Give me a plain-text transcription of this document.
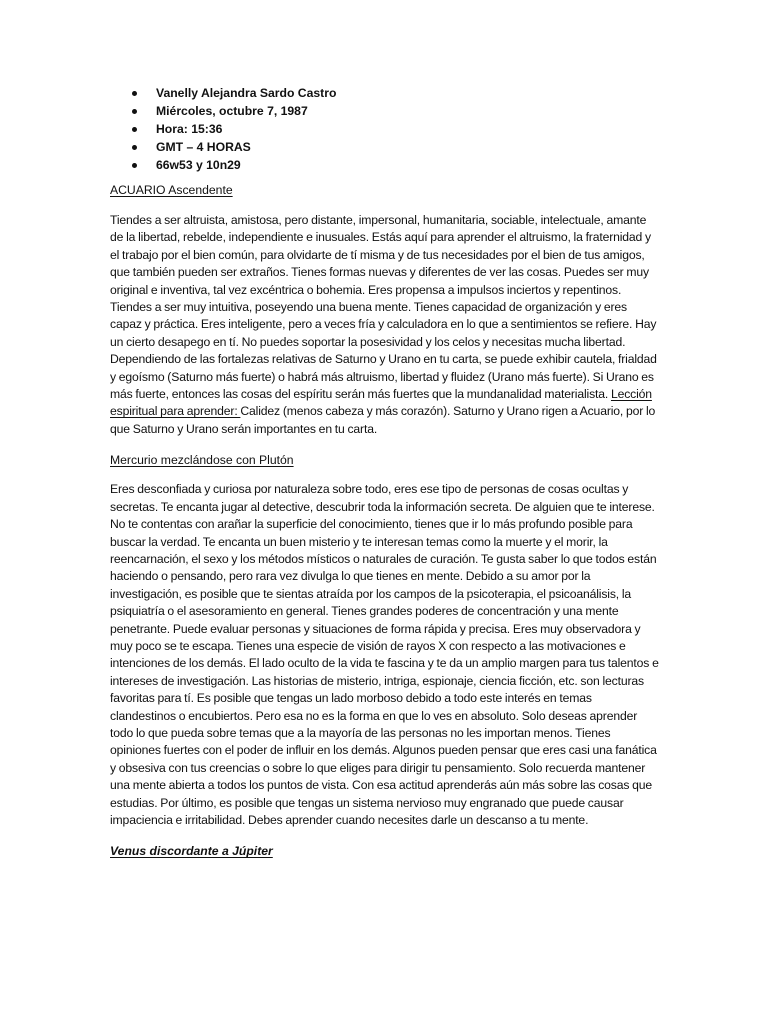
Vanelly Alejandra Sardo Castro
Miércoles, octubre 7, 1987
Hora: 15:36
GMT – 4 HORAS
66w53 y 10n29

ACUARIO Ascendente

Tiendes a ser altruista, amistosa, pero distante, impersonal, humanitaria, sociable, intelectuale, amante de la libertad, rebelde, independiente e inusuales. Estás aquí para aprender el altruismo, la fraternidad y el trabajo por el bien común, para olvidarte de tí misma y de tus necesidades por el bien de tus amigos, que también pueden ser extraños. Tienes formas nuevas y diferentes de ver las cosas. Puedes ser muy original e inventiva, tal vez excéntrica o bohemia. Eres propensa a impulsos inciertos y repentinos. Tiendes a ser muy intuitiva, poseyendo una buena mente. Tienes capacidad de organización y eres capaz y práctica. Eres inteligente, pero a veces fría y calculadora en lo que a sentimientos se refiere. Hay un cierto desapego en tí. No puedes soportar la posesividad y los celos y necesitas mucha libertad. Dependiendo de las fortalezas relativas de Saturno y Urano en tu carta, se puede exhibir cautela, frialdad y egoísmo (Saturno más fuerte) o habrá más altruismo, libertad y fluidez (Urano más fuerte). Si Urano es más fuerte, entonces las cosas del espíritu serán más fuertes que la mundanalidad materialista. Lección espiritual para aprender: Calidez (menos cabeza y más corazón). Saturno y Urano rigen a Acuario, por lo que Saturno y Urano serán importantes en tu carta.

Mercurio mezclándose con Plutón

Eres desconfiada y curiosa por naturaleza sobre todo, eres ese tipo de personas de cosas ocultas y secretas. Te encanta jugar al detective, descubrir toda la información secreta. De alguien que te interese. No te contentas con arañar la superficie del conocimiento, tienes que ir lo más profundo posible para buscar la verdad. Te encanta un buen misterio y te interesan temas como la muerte y el morir, la reencarnación, el sexo y los métodos místicos o naturales de curación. Te gusta saber lo que todos están haciendo o pensando, pero rara vez divulga lo que tienes en mente. Debido a su amor por la investigación, es posible que te sientas atraída por los campos de la psicoterapia, el psicoanálisis, la psiquiatría o el asesoramiento en general. Tienes grandes poderes de concentración y una mente penetrante. Puede evaluar personas y situaciones de forma rápida y precisa. Eres muy observadora y muy poco se te escapa. Tienes una especie de visión de rayos X con respecto a las motivaciones e intenciones de los demás. El lado oculto de la vida te fascina y te da un amplio margen para tus talentos e intereses de investigación. Las historias de misterio, intriga, espionaje, ciencia ficción, etc. son lecturas favoritas para tí. Es posible que tengas un lado morboso debido a todo este interés en temas clandestinos o encubiertos. Pero esa no es la forma en que lo ves en absoluto. Solo deseas aprender todo lo que pueda sobre temas que a la mayoría de las personas no les importan menos. Tienes opiniones fuertes con el poder de influir en los demás. Algunos pueden pensar que eres casi una fanática y obsesiva con tus creencias o sobre lo que eliges para dirigir tu pensamiento. Solo recuerda mantener una mente abierta a todos los puntos de vista. Con esa actitud aprenderás aún más sobre las cosas que estudias. Por último, es posible que tengas un sistema nervioso muy engranado que puede causar impaciencia e irritabilidad. Debes aprender cuando necesites darle un descanso a tu mente.

Venus discordante a Júpiter
